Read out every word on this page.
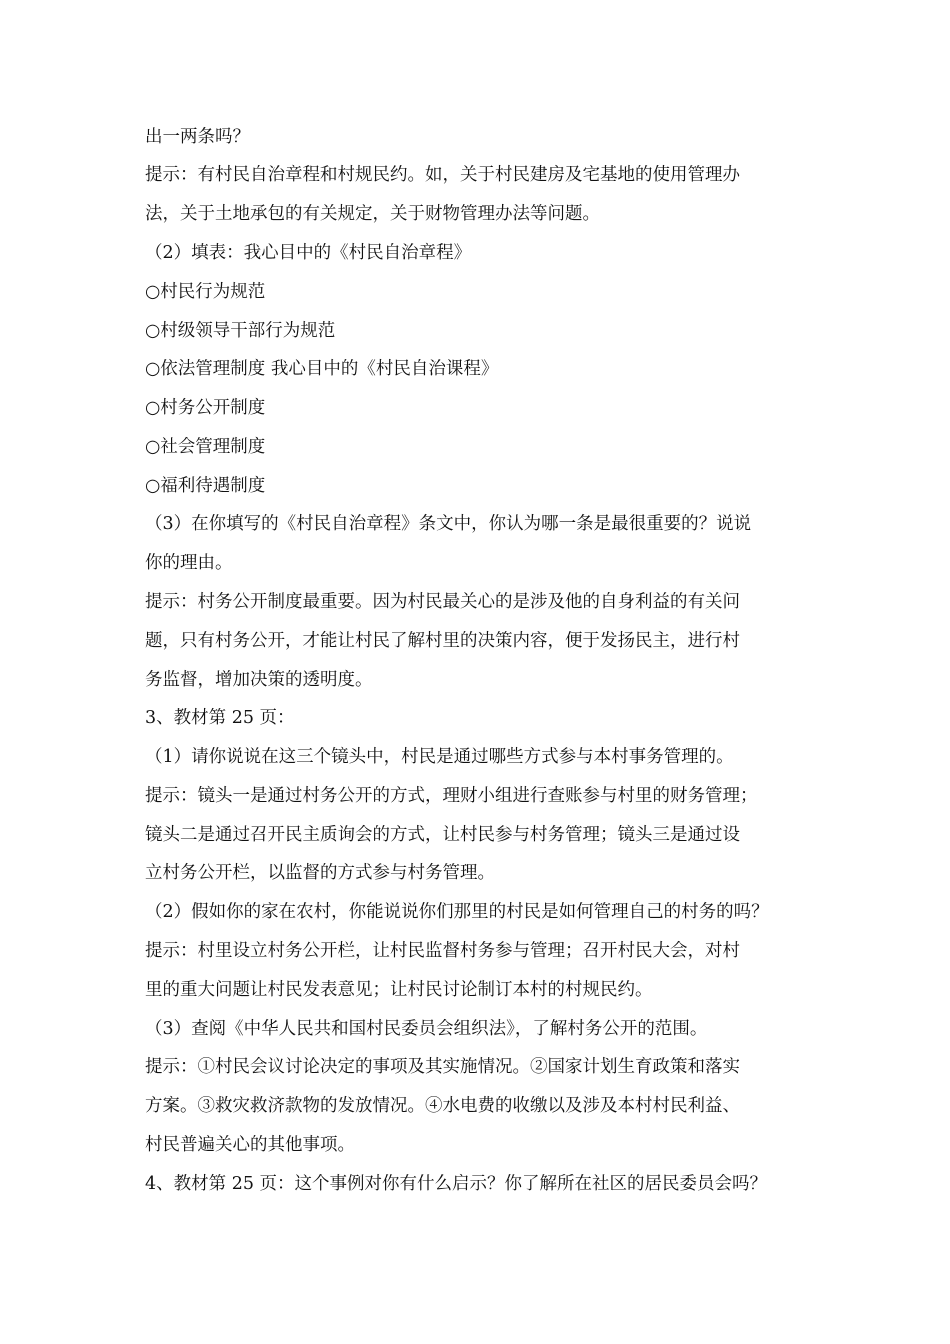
出一两条吗？
提示：有村民自治章程和村规民约。如，关于村民建房及宅基地的使用管理办
法，关于土地承包的有关规定，关于财物管理办法等问题。
（2）填表：我心目中的《村民自治章程》
○村民行为规范
○村级领导干部行为规范
○依法管理制度 我心目中的《村民自治课程》
○村务公开制度
○社会管理制度
○福利待遇制度
（3）在你填写的《村民自治章程》条文中，你认为哪一条是最很重要的？说说
你的理由。
提示：村务公开制度最重要。因为村民最关心的是涉及他的自身利益的有关问
题，只有村务公开，才能让村民了解村里的决策内容，便于发扬民主，进行村
务监督，增加决策的透明度。
3、教材第 25 页：
（1）请你说说在这三个镜头中，村民是通过哪些方式参与本村事务管理的。
提示：镜头一是通过村务公开的方式，理财小组进行查账参与村里的财务管理；
镜头二是通过召开民主质询会的方式，让村民参与村务管理；镜头三是通过设
立村务公开栏，以监督的方式参与村务管理。
（2）假如你的家在农村，你能说说你们那里的村民是如何管理自己的村务的吗？
提示：村里设立村务公开栏，让村民监督村务参与管理；召开村民大会，对村
里的重大问题让村民发表意见；让村民讨论制订本村的村规民约。
（3）查阅《中华人民共和国村民委员会组织法》，了解村务公开的范围。
提示：①村民会议讨论决定的事项及其实施情况。②国家计划生育政策和落实
方案。③救灾救济款物的发放情况。④水电费的收缴以及涉及本村村民利益、
村民普遍关心的其他事项。
4、教材第 25 页：这个事例对你有什么启示？你了解所在社区的居民委员会吗？
